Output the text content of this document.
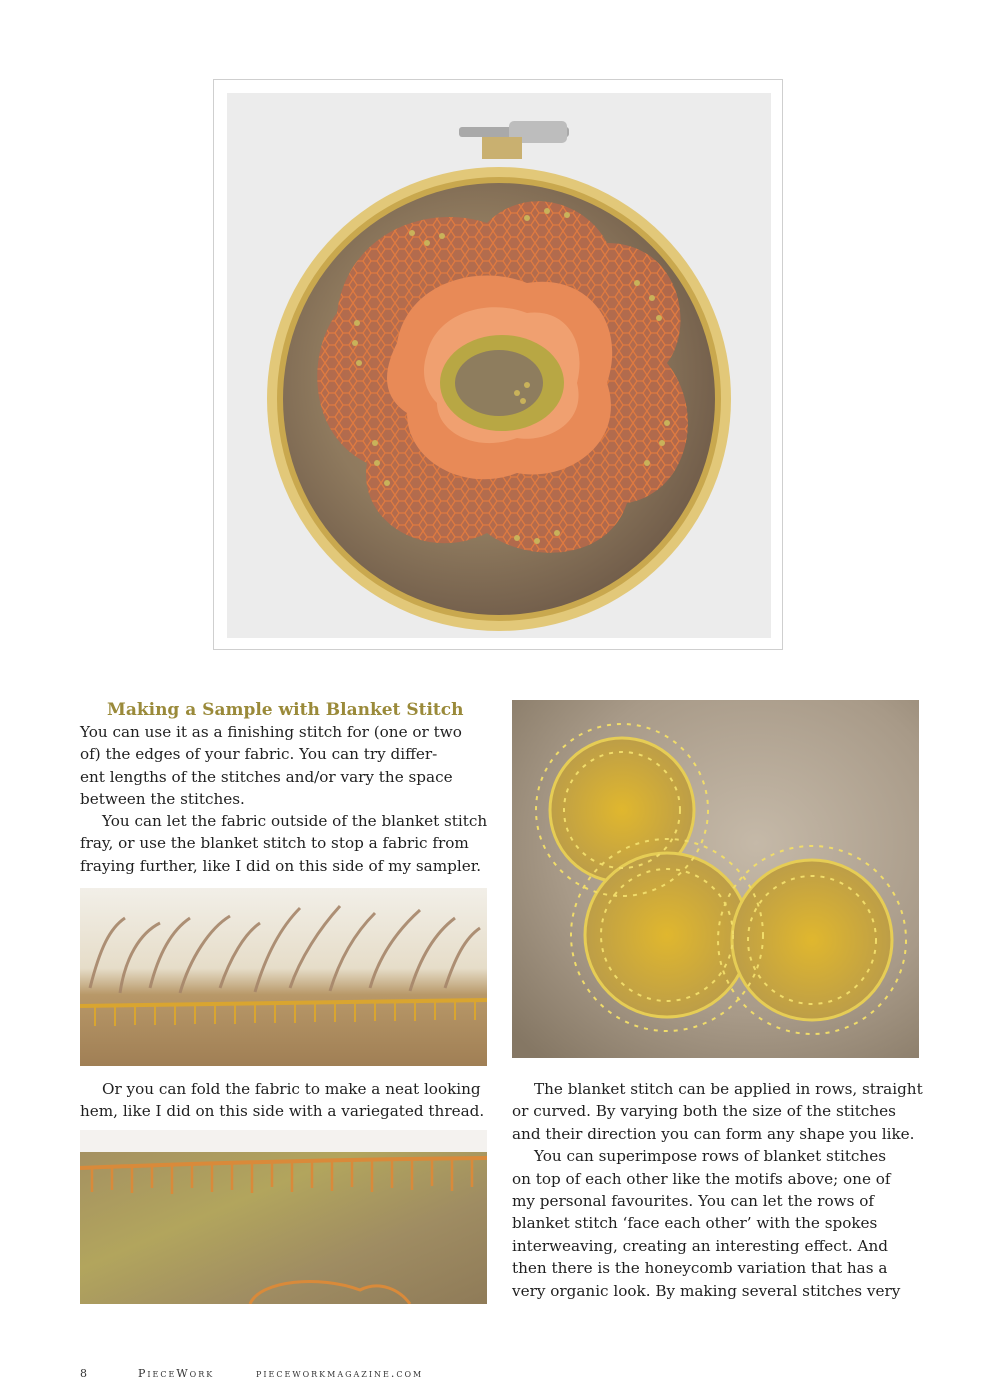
Making a Sample with Blanket Stitch

You can use it as a finishing stitch for (one or two
of) the edges of your fabric. You can try differ-
ent lengths of the stitches and/or vary the space
between the stitches.

You can let the fabric outside of the blanket stitch
fray, or use the blanket stitch to stop a fabric from
fraying further, like I did on this side of my sampler.

Or you can fold the fabric to make a neat looking
hem, like I did on this side with a variegated thread.

The blanket stitch can be applied in rows, straight
or curved. By varying both the size of the stitches
and their direction you can form any shape you like.
You can superimpose rows of blanket stitches
on top of each other like the motifs above; one of
my personal favourites. You can let the rows of
blanket stitch ‘face each other’ with the spokes
interweaving, creating an interesting effect. And
then there is the honeycomb variation that has a
very organic look. By making several stitches very

8	PieceWork	pieceworkmagazine.com
